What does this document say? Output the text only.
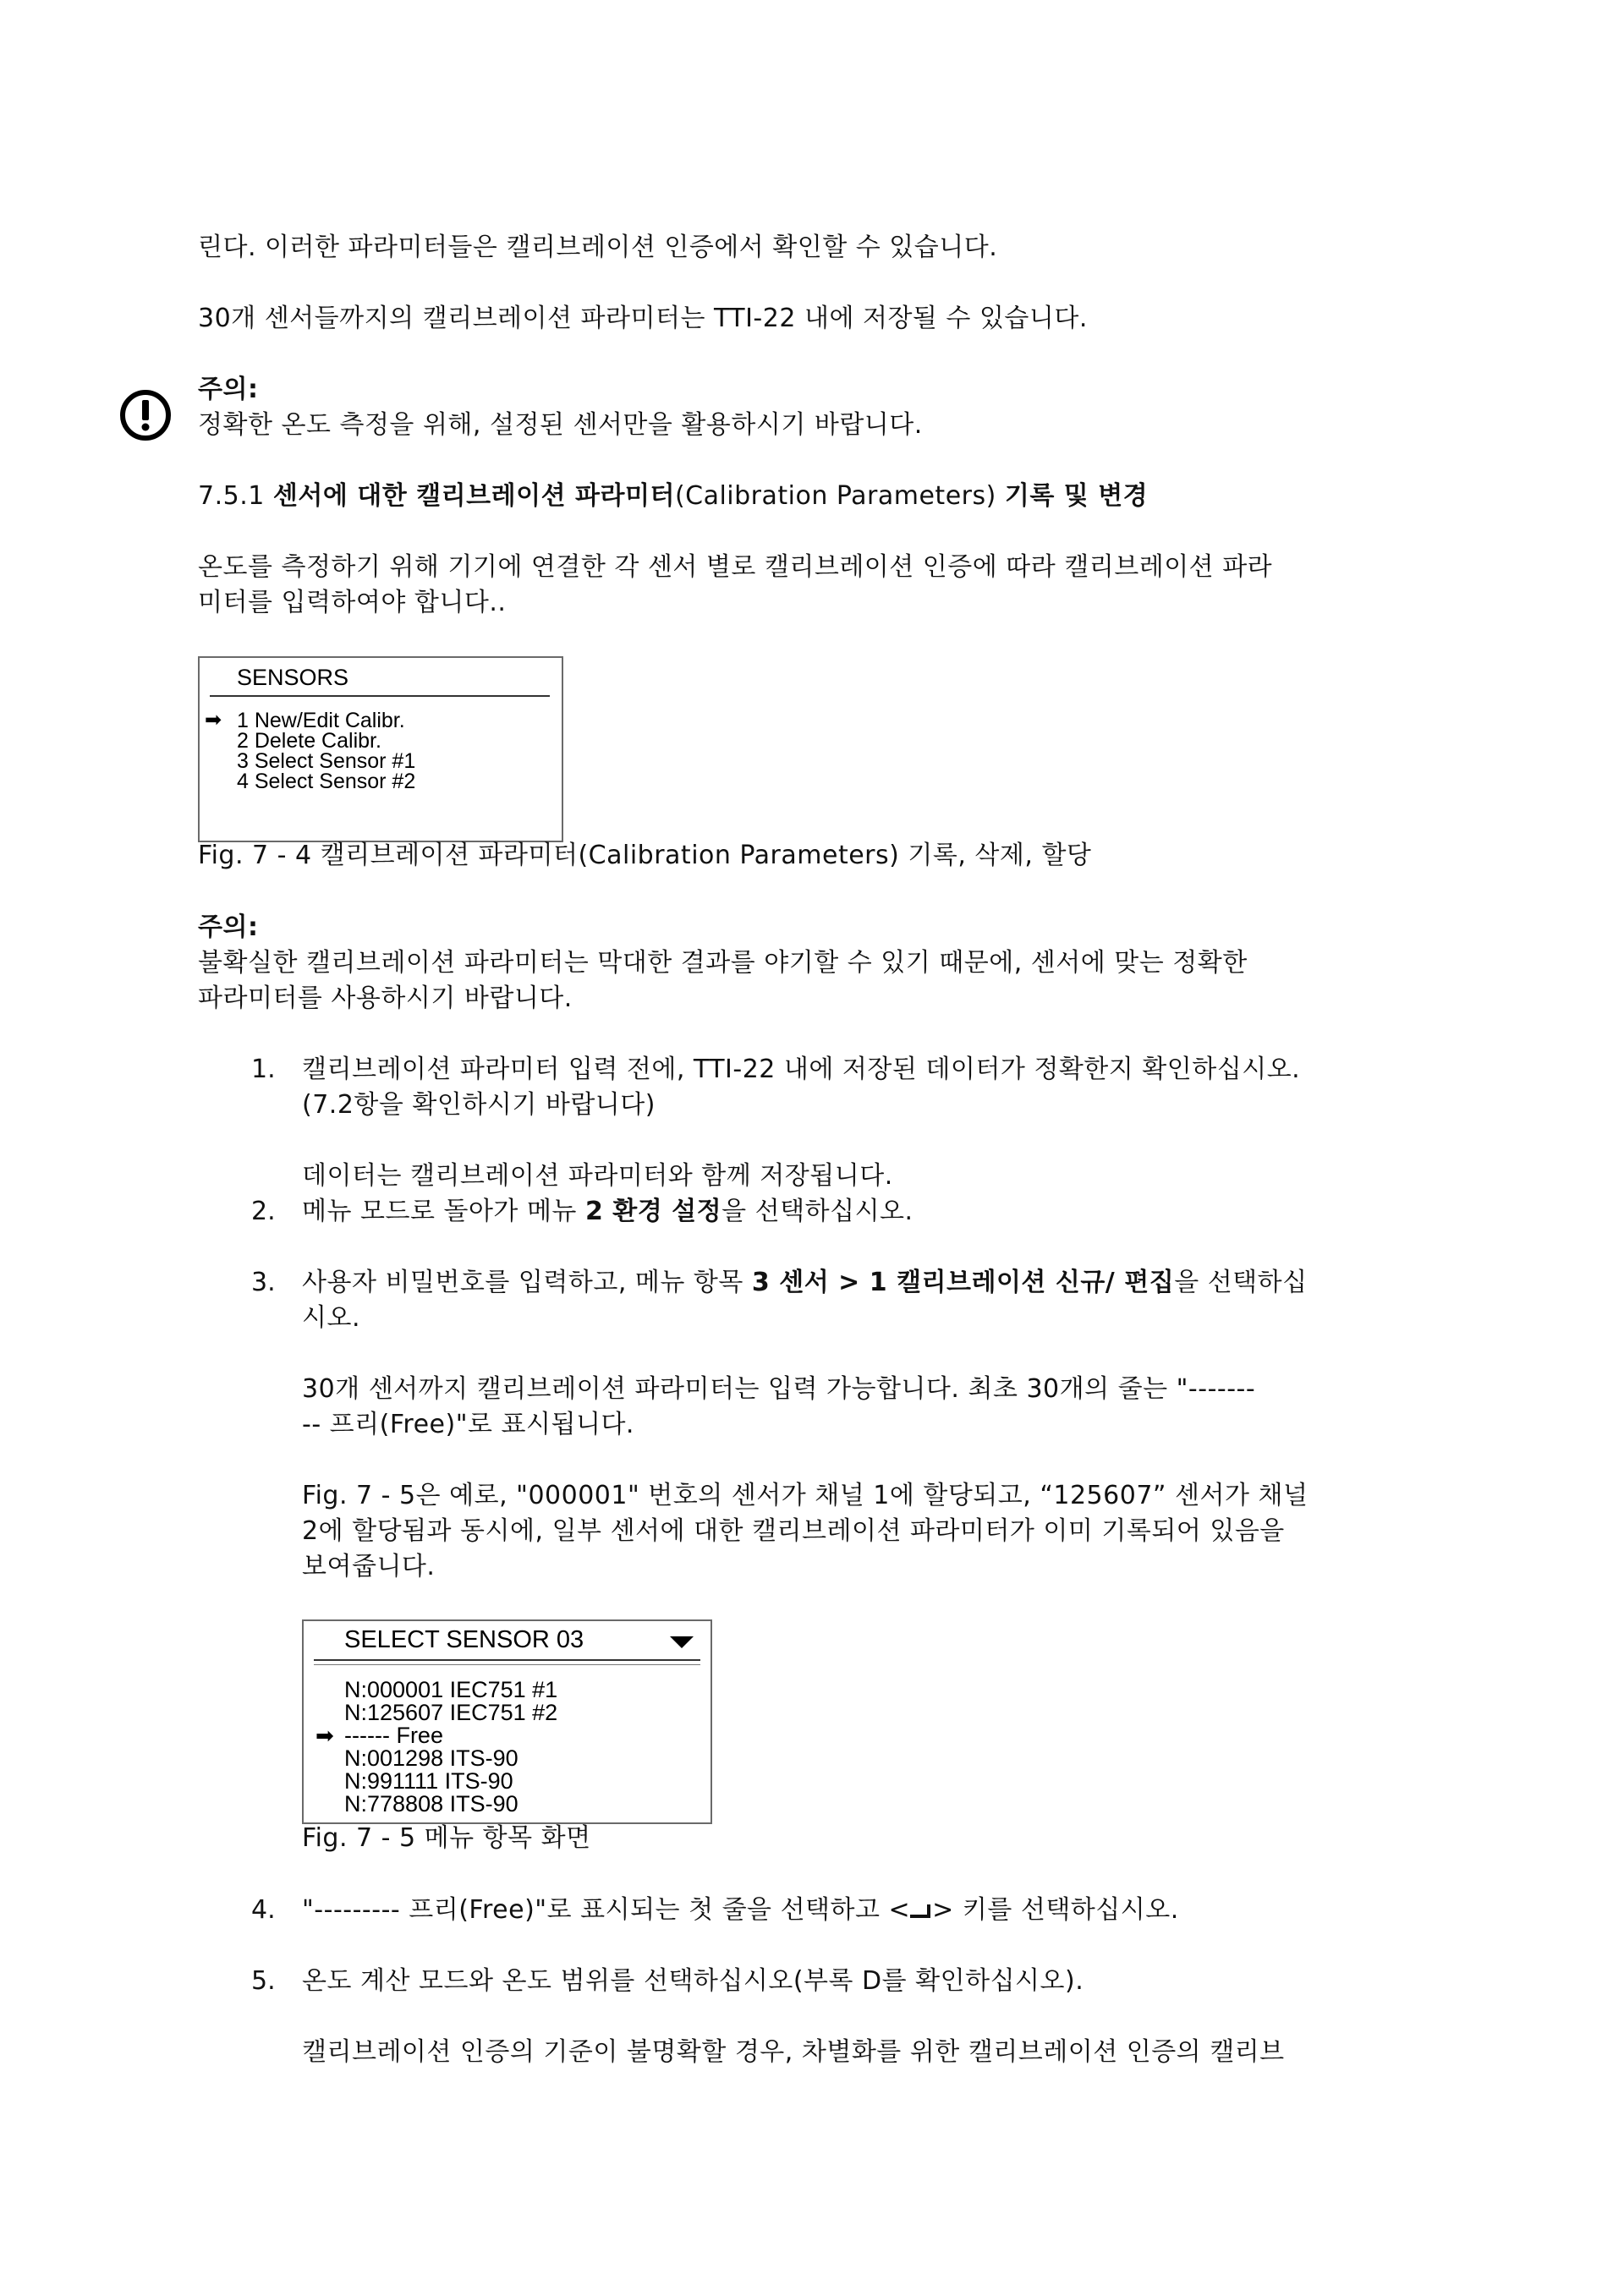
린다. 이러한 파라미터들은 캘리브레이션 인증에서 확인할 수 있습니다.
30개 센서들까지의 캘리브레이션 파라미터는 TTI-22 내에 저장될 수 있습니다.
주의:
정확한 온도 측정을 위해, 설정된 센서만을 활용하시기 바랍니다.
7.5.1 센서에 대한 캘리브레이션 파라미터(Calibration Parameters) 기록 및 변경
온도를 측정하기 위해 기기에 연결한 각 센서 별로 캘리브레이션 인증에 따라 캘리브레이션 파라
미터를 입력하여야 합니다..
SENSORS
➡ 1 New/Edit Calibr.
2 Delete Calibr.
3 Select Sensor #1
4 Select Sensor #2
Fig. 7 - 4 캘리브레이션 파라미터(Calibration Parameters) 기록, 삭제, 할당
주의:
불확실한 캘리브레이션 파라미터는 막대한 결과를 야기할 수 있기 때문에, 센서에 맞는 정확한
파라미터를 사용하시기 바랍니다.
1. 캘리브레이션 파라미터 입력 전에, TTI-22 내에 저장된 데이터가 정확한지 확인하십시오.
(7.2항을 확인하시기 바랍니다)
데이터는 캘리브레이션 파라미터와 함께 저장됩니다.
2. 메뉴 모드로 돌아가 메뉴 2 환경 설정을 선택하십시오.
3. 사용자 비밀번호를 입력하고, 메뉴 항목 3 센서 > 1 캘리브레이션 신규/ 편집을 선택하십
시오.
30개 센서까지 캘리브레이션 파라미터는 입력 가능합니다. 최초 30개의 줄는 "-------
-- 프리(Free)"로 표시됩니다.
Fig. 7 - 5은 예로, "000001" 번호의 센서가 채널 1에 할당되고, “125607” 센서가 채널
2에 할당됨과 동시에, 일부 센서에 대한 캘리브레이션 파라미터가 이미 기록되어 있음을
보여줍니다.
SELECT SENSOR 03
➡
N:000001 IEC751 #1
N:125607 IEC751 #2
------ Free
N:001298 ITS-90
N:991111 ITS-90
N:778808 ITS-90
Fig. 7 - 5 메뉴 항목 화면
4. "--------- 프리(Free)"로 표시되는 첫 줄을 선택하고 < > 키를 선택하십시오.
5. 온도 계산 모드와 온도 범위를 선택하십시오(부록 D를 확인하십시오).
캘리브레이션 인증의 기준이 불명확할 경우, 차별화를 위한 캘리브레이션 인증의 캘리브
